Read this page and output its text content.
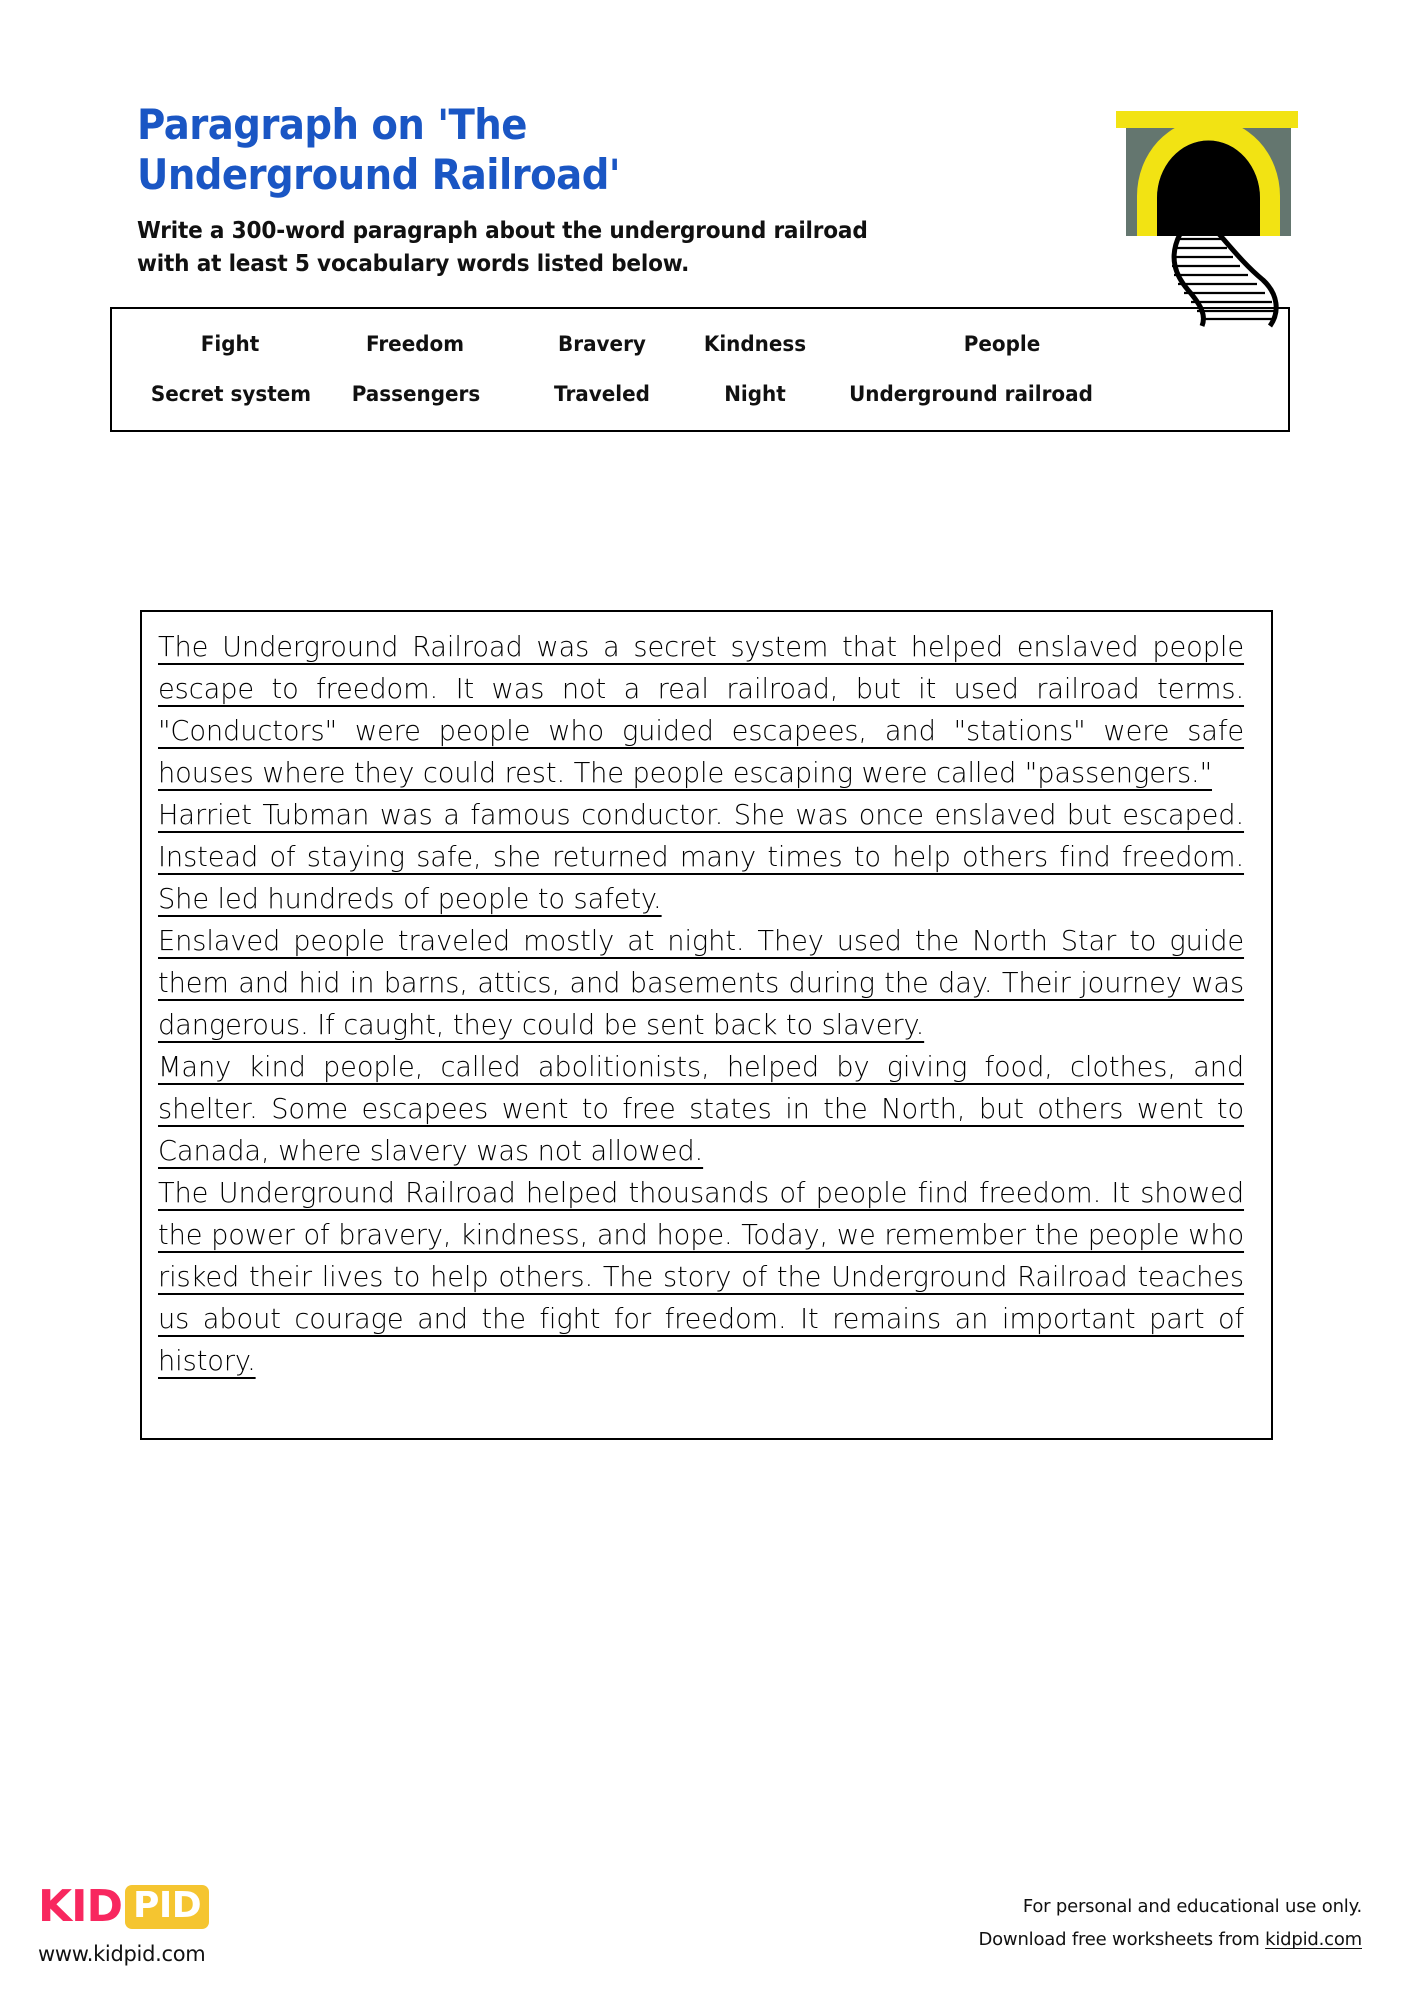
Paragraph on 'The Underground Railroad'

Write a 300-word paragraph about the underground railroad with at least 5 vocabulary words listed below.

Fight	Freedom	Bravery	Kindness	People
Secret system	Passengers	Traveled	Night	Underground railroad

The Underground Railroad was a secret system that helped enslaved people escape to freedom. It was not a real railroad, but it used railroad terms. "Conductors" were people who guided escapees, and "stations" were safe houses where they could rest. The people escaping were called "passengers."

Harriet Tubman was a famous conductor. She was once enslaved but escaped. Instead of staying safe, she returned many times to help others find freedom. She led hundreds of people to safety.

Enslaved people traveled mostly at night. They used the North Star to guide them and hid in barns, attics, and basements during the day. Their journey was dangerous. If caught, they could be sent back to slavery.

Many kind people, called abolitionists, helped by giving food, clothes, and shelter. Some escapees went to free states in the North, but others went to Canada, where slavery was not allowed.

The Underground Railroad helped thousands of people find freedom. It showed the power of bravery, kindness, and hope. Today, we remember the people who risked their lives to help others. The story of the Underground Railroad teaches us about courage and the fight for freedom. It remains an important part of history.

KID PID
www.kidpid.com
For personal and educational use only.
Download free worksheets from kidpid.com
